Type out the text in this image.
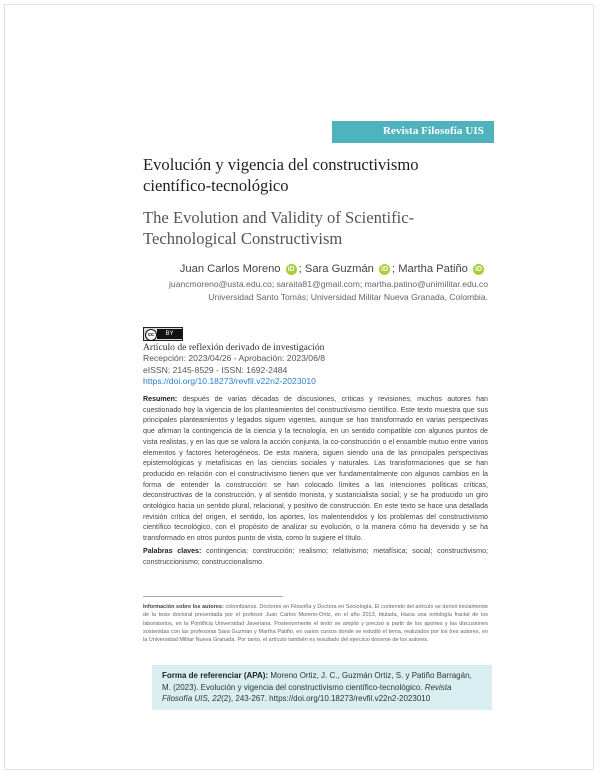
Revista Filosofía UIS
Evolución y vigencia del constructivismo científico-tecnológico
The Evolution and Validity of Scientific-Technological Constructivism
Juan Carlos Moreno iD ; Sara Guzmán iD ; Martha Patiño iD
juancmoreno@usta.edu.co; saraita81@gmail.com; martha.patino@unimilitar.edu.co
Universidad Santo Tomás; Universidad Militar Nueva Granada, Colombia.
cc	BY
Artículo de reflexión derivado de investigación
Recepción: 2023/04/26 - Aprobación: 2023/06/8
eISSN: 2145-8529 - ISSN: 1692-2484
https://doi.org/10.18273/revfil.v22n2-2023010

Resumen: después de varias décadas de discusiones, críticas y revisiones, muchos autores han cuestionado hoy la vigencia de los planteamientos del constructivismo científico. Este texto muestra que sus principales planteamientos y legados siguen vigentes, aunque se han transformado en varias perspectivas que afirman la contingencia de la ciencia y la tecnología, en un sentido compatible con algunos puntos de vista realistas, y en las que se valora la acción conjunta, la co-construcción o el ensamble mutuo entre varios elementos y factores heterogéneos. De esta manera, siguen siendo una de las principales perspectivas epistemológicas y metafísicas en las ciencias sociales y naturales. Las transformaciones que se han producido en relación con el constructivismo tienen que ver fundamentalmente con algunos cambios en la forma de entender la construcción: se han colocado límites a las intenciones políticas críticas, deconstructivas de la construcción, y al sentido monista, y sustancialista social; y se ha producido un giro ontológico hacia un sentido plural, relacional, y positivo de construcción. En este texto se hace una detallada revisión crítica del origen, el sentido, los aportes, los malentendidos y los problemas del constructivismo científico tecnológico, con el propósito de analizar su evolución, o la manera cómo ha devenido y se ha transformado en otros puntos punto de vista, como lo sugiere el título.

Palabras claves: contingencia; construcción; realismo; relativismo; metafísica; social; constructivismo; construccionismo; construccionalismo.

Información sobre los autores: colombianos. Doctores en Filosofía y Doctora en Sociología. El contenido del artículo se derivó inicialmente de la tesis doctoral presentada por el profesor Juan Carlos Moreno-Ortiz, en el año 2013, titulada, Hacia una ontología fractal de los laboratorios, en la Pontificia Universidad Javeriana. Posteriormente el texto se amplió y precisó a partir de los aportes y las discusiones sostenidas con las profesoras Sara Guzmán y Martha Patiño, en varios cursos donde se estudió el tema, realizados por los tres autores, en la Universidad Militar Nueva Granada. Por tanto, el artículo también es resultado del ejercicio docente de los autores.

Forma de referenciar (APA): Moreno Ortiz, J. C., Guzmán Ortiz, S. y Patiño Barragán, M. (2023). Evolución y vigencia del constructivismo científico-tecnológico. Revista Filosofía UIS, 22(2), 243-267. https://doi.org/10.18273/revfil.v22n2-2023010
